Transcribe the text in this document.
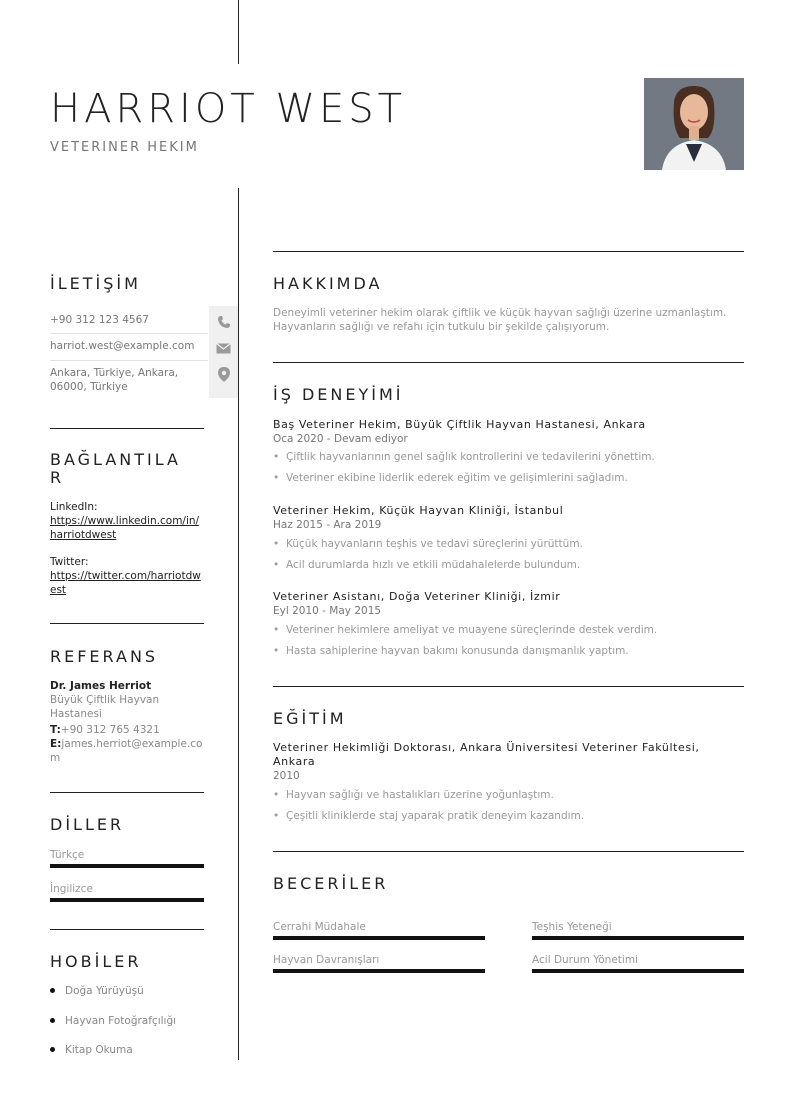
HARRIOT WEST
VETERINER HEKIM
İLETİŞİM
+90 312 123 4567
harriot.west@example.com
Ankara, Türkiye, Ankara, 06000, Türkiye
BAĞLANTILA R
LinkedIn:
https://www.linkedin.com/in/harriotdwest
Twitter:
https://twitter.com/harriotdwest
REFERANS
Dr. James Herriot
Büyük Çiftlik Hayvan Hastanesi
T:+90 312 765 4321
E:james.herriot@example.com
DİLLER
Türkçe
İngilizce
HOBİLER
Doğa Yürüyüşü
Hayvan Fotoğrafçılığı
Kitap Okuma
HAKKIMDA
Deneyimli veteriner hekim olarak çiftlik ve küçük hayvan sağlığı üzerine uzmanlaştım. Hayvanların sağlığı ve refahı için tutkulu bir şekilde çalışıyorum.
İŞ DENEYİMİ
Baş Veteriner Hekim, Büyük Çiftlik Hayvan Hastanesi, Ankara
Oca 2020 - Devam ediyor
• Çiftlik hayvanlarının genel sağlık kontrollerini ve tedavilerini yönettim.
• Veteriner ekibine liderlik ederek eğitim ve gelişimlerini sağladım.
Veteriner Hekim, Küçük Hayvan Kliniği, İstanbul
Haz 2015 - Ara 2019
• Küçük hayvanların teşhis ve tedavi süreçlerini yürüttüm.
• Acil durumlarda hızlı ve etkili müdahalelerde bulundum.
Veteriner Asistanı, Doğa Veteriner Kliniği, İzmir
Eyl 2010 - May 2015
• Veteriner hekimlere ameliyat ve muayene süreçlerinde destek verdim.
• Hasta sahiplerine hayvan bakımı konusunda danışmanlık yaptım.
EĞİTİM
Veteriner Hekimliği Doktorası, Ankara Üniversitesi Veteriner Fakültesi, Ankara
2010
• Hayvan sağlığı ve hastalıkları üzerine yoğunlaştım.
• Çeşitli kliniklerde staj yaparak pratik deneyim kazandım.
BECERİLER
Cerrahi Müdahale	Teşhis Yeteneği
Hayvan Davranışları	Acil Durum Yönetimi
